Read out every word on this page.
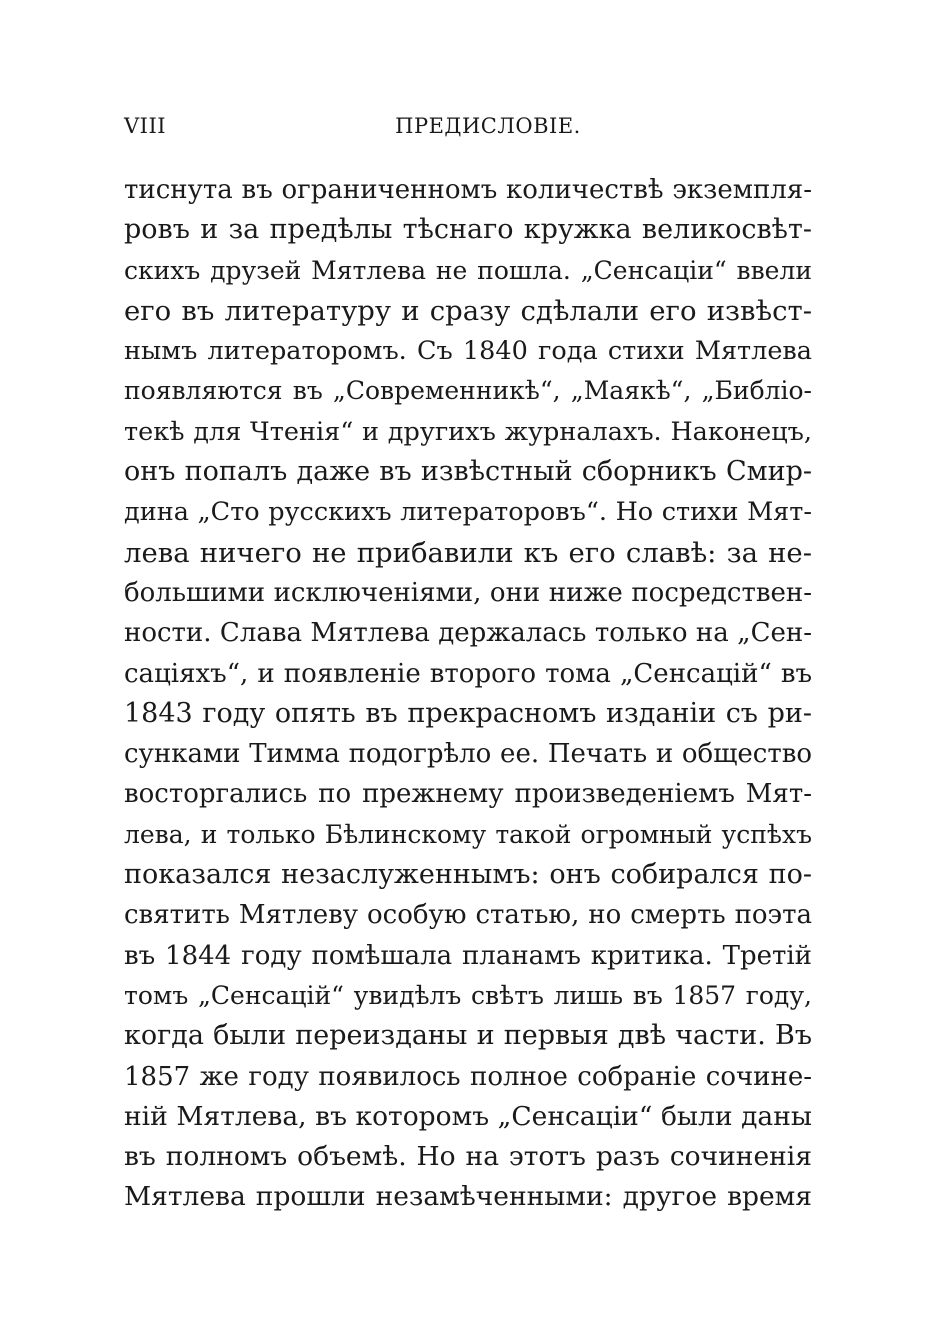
VIII	ПРЕДИСЛОВІЕ.
тиснута въ ограниченномъ количествѣ экземпля-
ровъ и за предѣлы тѣснаго кружка великосвѣт-
скихъ друзей Мятлева не пошла. „Сенсаціи“ ввели
его въ литературу и сразу сдѣлали его извѣст-
нымъ литераторомъ. Съ 1840 года стихи Мятлева
появляются въ „Современникѣ“, „Маякѣ“, „Библіо-
текѣ для Чтенія“ и другихъ журналахъ. Наконецъ,
онъ попалъ даже въ извѣстный сборникъ Смир-
дина „Сто русскихъ литераторовъ“. Но стихи Мят-
лева ничего не прибавили къ его славѣ: за не-
большими исключеніями, они ниже посредствен-
ности. Слава Мятлева держалась только на „Сен-
саціяхъ“, и появленіе второго тома „Сенсацій“ въ
1843 году опять въ прекрасномъ изданіи съ ри-
сунками Тимма подогрѣло ее. Печать и общество
восторгались по прежнему произведеніемъ Мят-
лева, и только Бѣлинскому такой огромный успѣхъ
показался незаслуженнымъ: онъ собирался по-
святить Мятлеву особую статью, но смерть поэта
въ 1844 году помѣшала планамъ критика. Третій
томъ „Сенсацій“ увидѣлъ свѣтъ лишь въ 1857 году,
когда были переизданы и первыя двѣ части. Въ
1857 же году появилось полное собраніе сочине-
ній Мятлева, въ которомъ „Сенсаціи“ были даны
въ полномъ объемѣ. Но на этотъ разъ сочиненія
Мятлева прошли незамѣченными: другое время
